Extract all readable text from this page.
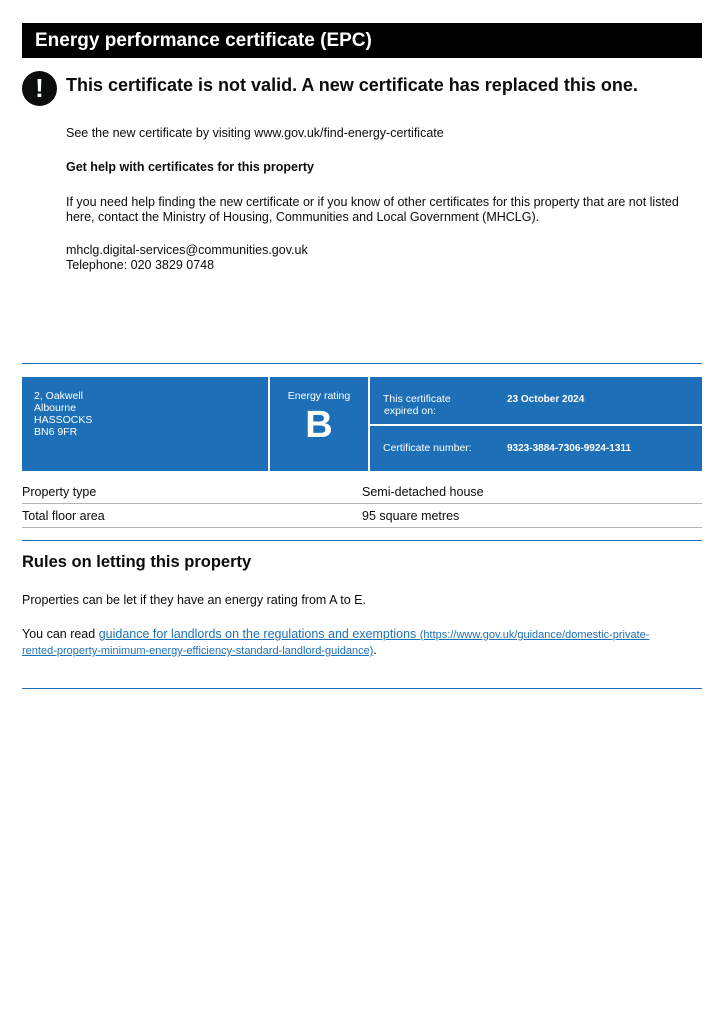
Energy performance certificate (EPC)
!	This certificate is not valid. A new certificate has replaced this one.
See the new certificate by visiting www.gov.uk/find-energy-certificate
Get help with certificates for this property
If you need help finding the new certificate or if you know of other certificates for this property that are not listed
here, contact the Ministry of Housing, Communities and Local Government (MHCLG).
mhclg.digital-services@communities.gov.uk
Telephone: 020 3829 0748
2, Oakwell
Albourne
HASSOCKS
BN6 9FR
Energy rating
B
This certificate
expired on:
23 October 2024
Certificate number:	9323-3884-7306-9924-1311
Property type	Semi-detached house
Total floor area	95 square metres
Rules on letting this property
Properties can be let if they have an energy rating from A to E.
You can read guidance for landlords on the regulations and exemptions (https://www.gov.uk/guidance/domestic-private-
rented-property-minimum-energy-efficiency-standard-landlord-guidance).
